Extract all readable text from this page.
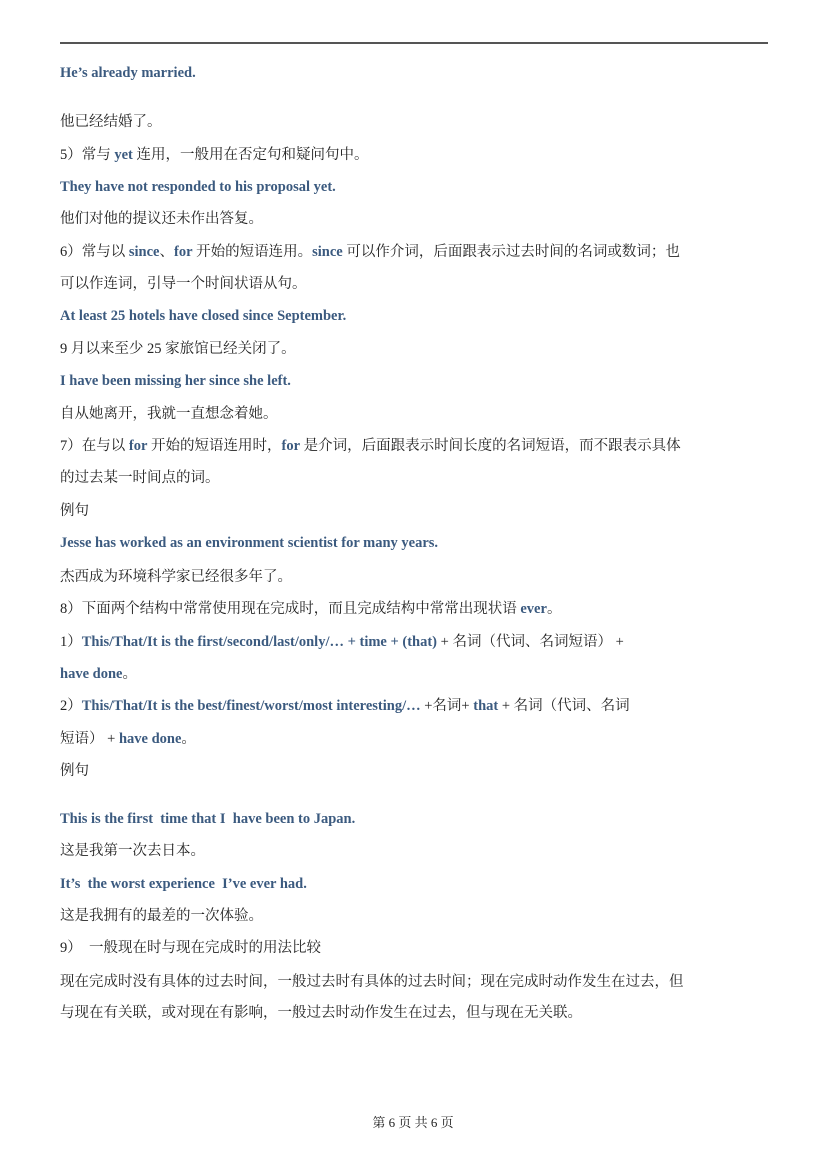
He’s already married.
他已经结婚了。
5）常与 yet 连用，一般用在否定句和疑问句中。
They have not responded to his proposal yet.
他们对他的提议还未作出答复。
6）常与以 since、for 开始的短语连用。since 可以作介词，后面跟表示过去时间的名词或数词；也
可以作连词，引导一个时间状语从句。
At least 25 hotels have closed since September.
9 月以来至少 25 家旅馆已经关闭了。
I have been missing her since she left.
自从她离开，我就一直想念着她。
7）在与以 for 开始的短语连用时，for 是介词，后面跟表示时间长度的名词短语，而不跟表示具体
的过去某一时间点的词。
例句
Jesse has worked as an environment scientist for many years.
杰西成为环境科学家已经很多年了。
8）下面两个结构中常常使用现在完成时，而且完成结构中常常出现状语 ever。
1）This/That/It is the first/second/last/only/… + time + (that) + 名词（代词、名词短语） +
have done。
2）This/That/It is the best/finest/worst/most interesting/… +名词+ that + 名词（代词、名词
短语） + have done。
例句
This is the first  time that I  have been to Japan.
这是我第一次去日本。
It’s  the worst experience  I’ve ever had.
这是我拥有的最差的一次体验。
9）  一般现在时与现在完成时的用法比较
现在完成时没有具体的过去时间，一般过去时有具体的过去时间；现在完成时动作发生在过去，但
与现在有关联，或对现在有影响，一般过去时动作发生在过去，但与现在无关联。
第 6 页 共 6 页
